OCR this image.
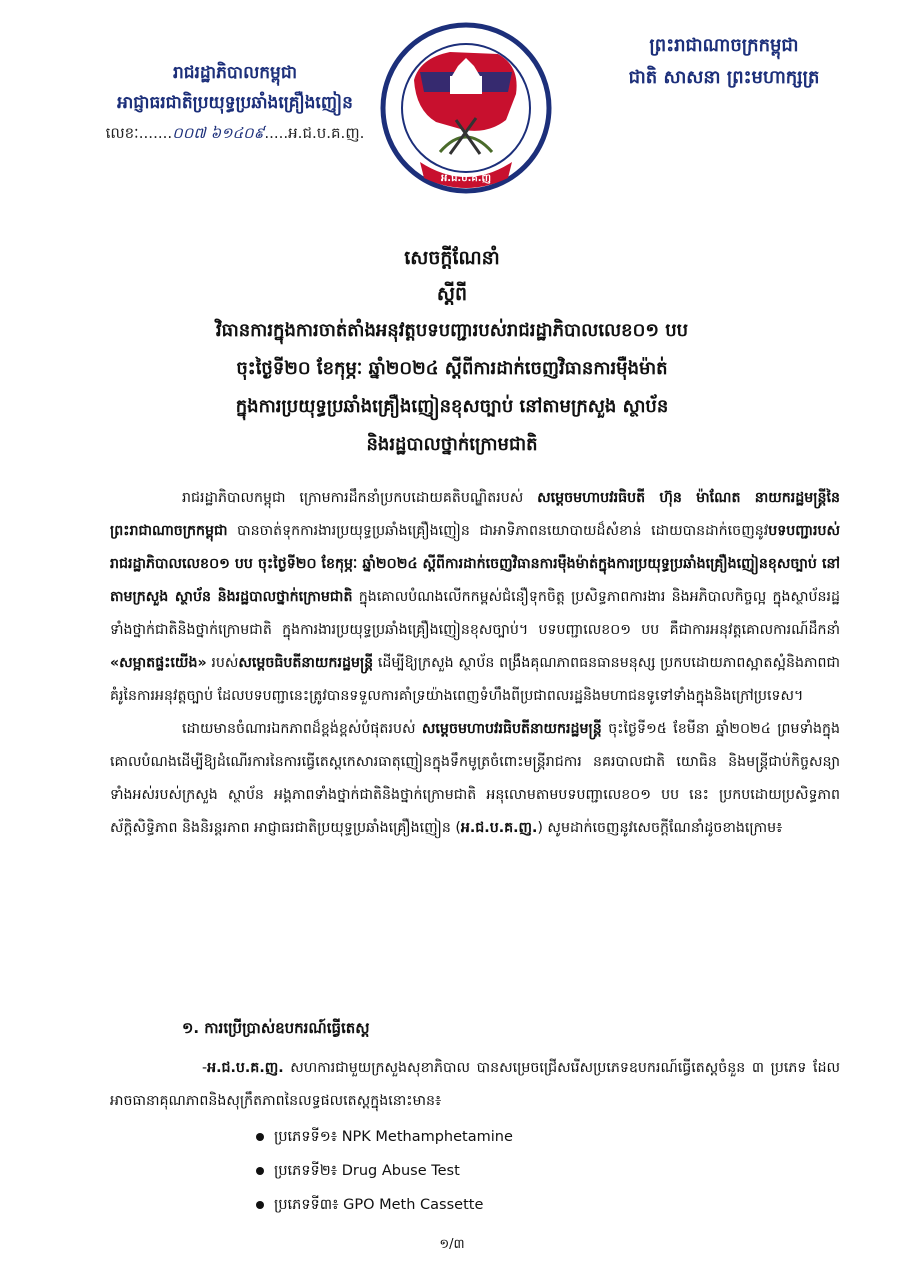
រាជរដ្ឋាភិបាលកម្ពុជា
អាជ្ញាធរជាតិប្រយុទ្ធប្រឆាំងគ្រឿងញៀន
លេខៈ.......០០៧ ៦១៤០៩.....អ.ជ.ប.គ.ញ.
អ.ជ.ប.គ.ញ
ព្រះរាជាណាចក្រកម្ពុជា
ជាតិ សាសនា ព្រះមហាក្សត្រ
សេចក្តីណែនាំ
ស្តីពី
វិធានការក្នុងការចាត់តាំងអនុវត្តបទបញ្ជារបស់រាជរដ្ឋាភិបាលលេខ០១ បប
ចុះថ្ងៃទី២០ ខែកុម្ភៈ ឆ្នាំ២០២៤ ស្តីពីការដាក់ចេញវិធានការម៉ឺងម៉ាត់
ក្នុងការប្រយុទ្ធប្រឆាំងគ្រឿងញៀនខុសច្បាប់ នៅតាមក្រសួង ស្ថាប័ន
និងរដ្ឋបាលថ្នាក់ក្រោមជាតិ

រាជរដ្ឋាភិបាលកម្ពុជា ក្រោមការដឹកនាំប្រកបដោយគតិបណ្ឌិតរបស់ សម្តេចមហាបវរធិបតី ហ៊ុន ម៉ាណែត នាយករដ្ឋមន្ត្រីនៃព្រះរាជាណាចក្រកម្ពុជា បានចាត់ទុកការងារប្រយុទ្ធប្រឆាំងគ្រឿងញៀន ជាអាទិភាពនយោបាយដ៏សំខាន់ ដោយបានដាក់ចេញនូវបទបញ្ជារបស់រាជរដ្ឋាភិបាលលេខ០១ បប ចុះថ្ងៃទី២០ ខែកុម្ភៈ ឆ្នាំ២០២៤ ស្តីពីការដាក់ចេញវិធានការម៉ឺងម៉ាត់ក្នុងការប្រយុទ្ធប្រឆាំងគ្រឿងញៀនខុសច្បាប់ នៅតាមក្រសួង ស្ថាប័ន និងរដ្ឋបាលថ្នាក់ក្រោមជាតិ ក្នុងគោលបំណងលើកកម្ពស់ជំនឿទុកចិត្ត ប្រសិទ្ធភាពការងារ និងអភិបាលកិច្ចល្អ ក្នុងស្ថាប័នរដ្ឋទាំងថ្នាក់ជាតិនិងថ្នាក់ក្រោមជាតិ ក្នុងការងារប្រយុទ្ធប្រឆាំងគ្រឿងញៀនខុសច្បាប់។ បទបញ្ជាលេខ០១ បប គឺជាការអនុវត្តគោលការណ៍ដឹកនាំ «សម្អាតផ្ទះយើង» របស់សម្តេចធិបតីនាយករដ្ឋមន្ត្រី ដើម្បីឱ្យក្រសួង ស្ថាប័ន ពង្រឹងគុណភាពធនធានមនុស្ស ប្រកបដោយភាពស្អាតស្អំនិងភាពជាគំរូនៃការអនុវត្តច្បាប់ ដែលបទបញ្ជានេះត្រូវបានទទួលការគាំទ្រយ៉ាងពេញទំហឹងពីប្រជាពលរដ្ឋនិងមហាជនទូទៅទាំងក្នុងនិងក្រៅប្រទេស។

ដោយមានចំណារឯកភាពដ៏ខ្ពង់ខ្ពស់បំផុតរបស់ សម្តេចមហាបវរធិបតីនាយករដ្ឋមន្ត្រី ចុះថ្ងៃទី១៥ ខែមីនា ឆ្នាំ២០២៤ ព្រមទាំងក្នុងគោលបំណងដើម្បីឱ្យដំណើរការនៃការធ្វើតេស្តកេសារធាតុញៀនក្នុងទឹកមូត្រចំពោះមន្ត្រីរាជការ នគរបាលជាតិ យោធិន និងមន្ត្រីជាប់កិច្ចសន្យាទាំងអស់របស់ក្រសួង ស្ថាប័ន អង្គភាពទាំងថ្នាក់ជាតិនិងថ្នាក់ក្រោមជាតិ អនុលោមតាមបទបញ្ជាលេខ០១ បប នេះ ប្រកបដោយប្រសិទ្ធភាព ស័ក្តិសិទ្ធិភាព និងនិរន្តរភាព អាជ្ញាធរជាតិប្រយុទ្ធប្រឆាំងគ្រឿងញៀន (អ.ជ.ប.គ.ញ.) សូមដាក់ចេញនូវសេចក្តីណែនាំដូចខាងក្រោម៖

១. ការប្រើប្រាស់ឧបករណ៍ធ្វើតេស្ត

-អ.ជ.ប.គ.ញ. សហការជាមួយក្រសួងសុខាភិបាល បានសម្រេចជ្រើសរើសប្រភេទឧបករណ៍ធ្វើតេស្តចំនួន ៣ ប្រភេទ ដែលអាចធានាគុណភាពនិងសុក្រឹតភាពនៃលទ្ធផលតេស្តក្នុងនោះមាន៖

ប្រភេទទី១៖
NPK Methamphetamine
ប្រភេទទី២៖
Drug Abuse Test
ប្រភេទទី៣៖
GPO Meth Cassette
១/៣
